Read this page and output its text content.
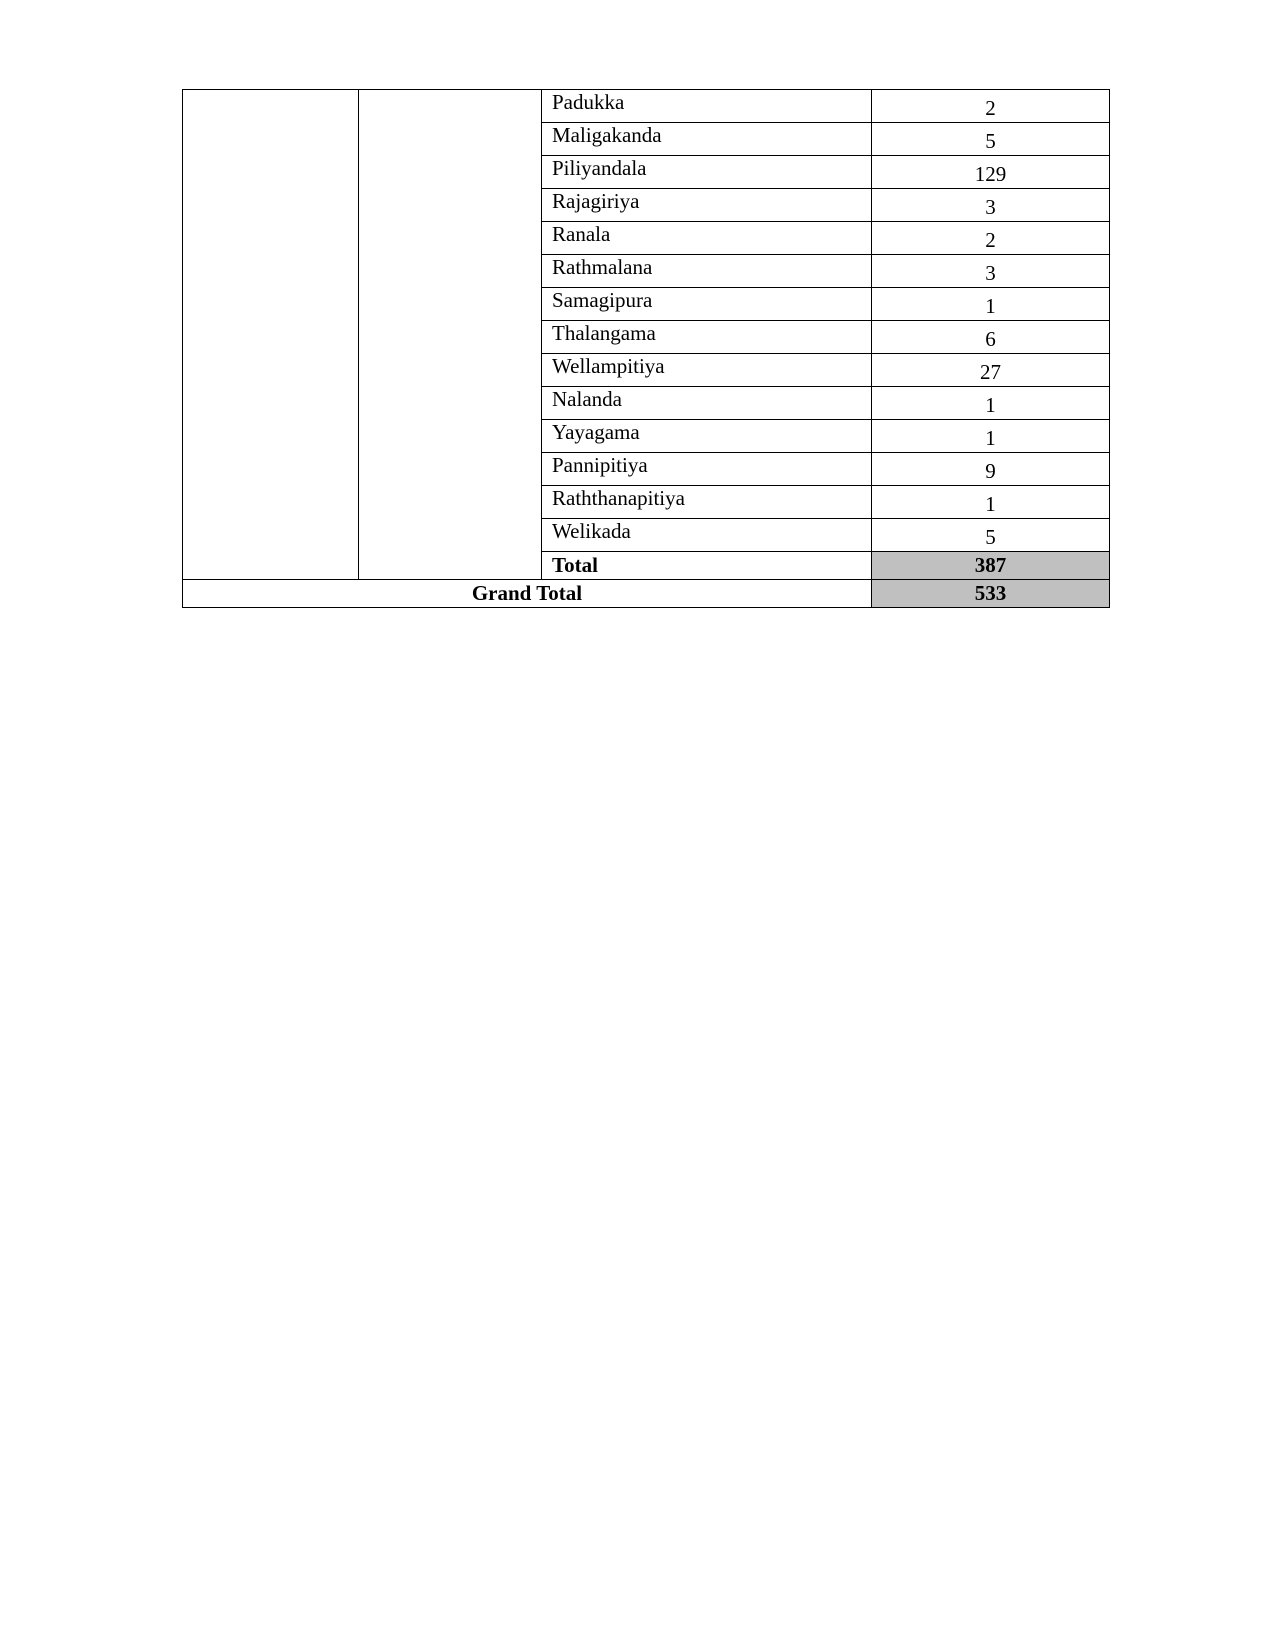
		Padukka	2
		Maligakanda	5
		Piliyandala	129
		Rajagiriya	3
		Ranala	2
		Rathmalana	3
		Samagipura	1
		Thalangama	6
		Wellampitiya	27
		Nalanda	1
		Yayagama	1
		Pannipitiya	9
		Raththanapitiya	1
		Welikada	5
		Total	387
Grand Total			533
